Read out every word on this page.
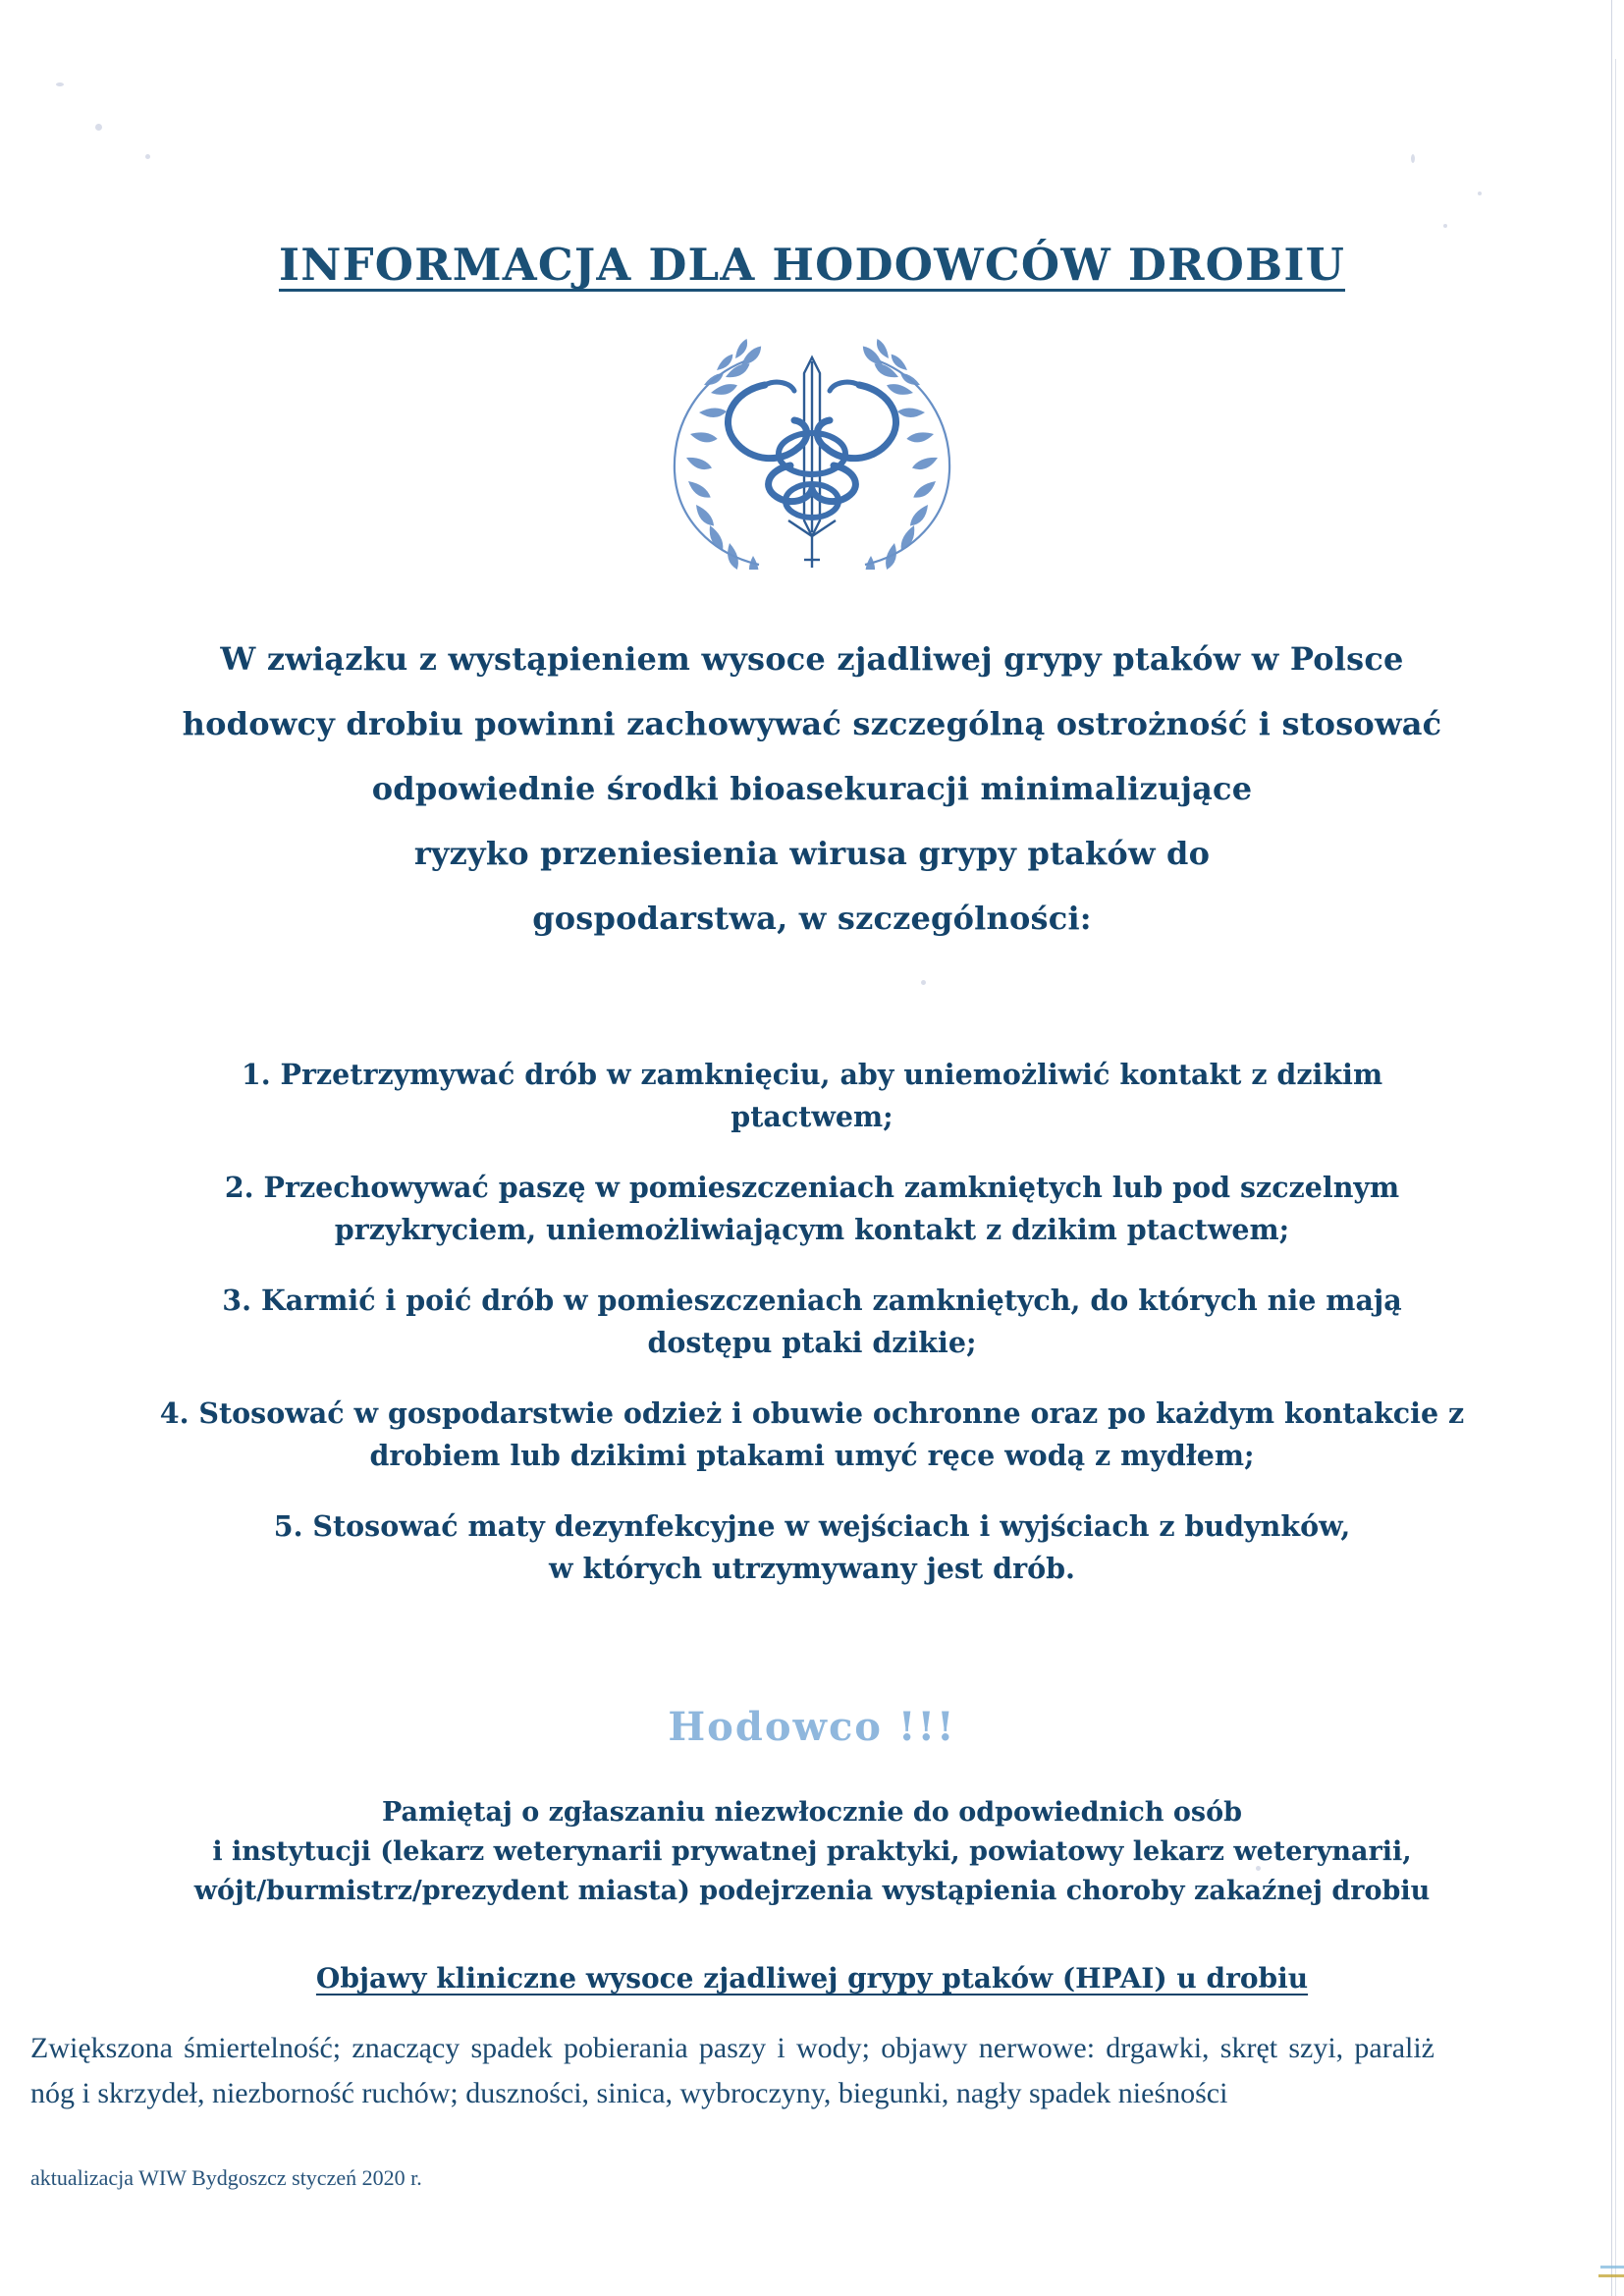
INFORMACJA DLA HODOWCÓW DROBIU
W związku z wystąpieniem wysoce zjadliwej grypy ptaków w Polsce
hodowcy drobiu powinni zachowywać szczególną ostrożność i stosować
odpowiednie środki bioasekuracji minimalizujące
ryzyko przeniesienia wirusa grypy ptaków do
gospodarstwa, w szczególności:
1. Przetrzymywać drób w zamknięciu, aby uniemożliwić kontakt z dzikim
ptactwem;
2. Przechowywać paszę w pomieszczeniach zamkniętych lub pod szczelnym
przykryciem, uniemożliwiającym kontakt z dzikim ptactwem;
3. Karmić i poić drób w pomieszczeniach zamkniętych, do których nie mają
dostępu ptaki dzikie;
4. Stosować w gospodarstwie odzież i obuwie ochronne oraz po każdym kontakcie z
drobiem lub dzikimi ptakami umyć ręce wodą z mydłem;
5. Stosować maty dezynfekcyjne w wejściach i wyjściach z budynków,
w których utrzymywany jest drób.
Hodowco !!!
Pamiętaj o zgłaszaniu niezwłocznie do odpowiednich osób
i instytucji (lekarz weterynarii prywatnej praktyki, powiatowy lekarz weterynarii,
wójt/burmistrz/prezydent miasta) podejrzenia wystąpienia choroby zakaźnej drobiu
Objawy kliniczne wysoce zjadliwej grypy ptaków (HPAI) u drobiu
Zwiększona śmiertelność; znaczący spadek pobierania paszy i wody; objawy nerwowe: drgawki, skręt szyi, paraliż nóg i skrzydeł, niezborność ruchów; duszności, sinica, wybroczyny, biegunki, nagły spadek nieśności
aktualizacja WIW Bydgoszcz styczeń 2020 r.
